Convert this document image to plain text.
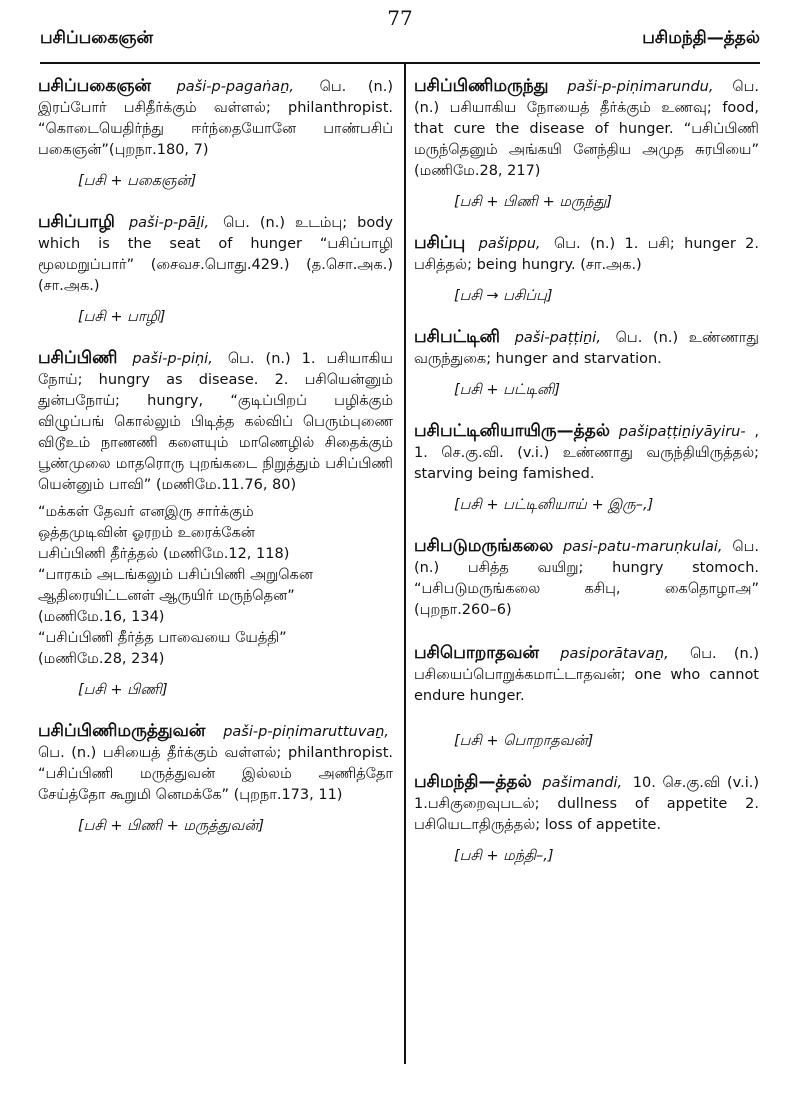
பசிப்பகைஞன்	பசிமந்தி—த்தல்
77

பசிப்பகைஞன் paši-p-pagaṅaṉ, பெ. (n.) இரப்போர் பசிதீர்க்கும் வள்ளல்; philanthropist. “கொடையெதிர்ந்து ஈர்ந்தையோனே பாண்பசிப் பகைஞன்”(புறநா.180, 7)

[பசி + பகைஞன்]

பசிப்பாழி paši-p-pāḻi, பெ. (n.) உடம்பு; body which is the seat of hunger “பசிப்பாழி மூலமறுப்பார்” (சைவச.பொது.429.) (த.சொ.அக.) (சா.அக.)

[பசி + பாழி]

பசிப்பிணி paši-p-piṇi, பெ. (n.) 1. பசியாகிய நோய்; hungry as disease. 2. பசியென்னும் துன்பநோய்; hungry, “குடிப்பிறப் பழிக்கும் விழுப்பங் கொல்லும் பிடித்த கல்விப் பெரும்புணை விடூஉம் நாணணி களையும் மாணெழில் சிதைக்கும் பூண்முலை மாதரொரு புறங்கடை நிறுத்தும் பசிப்பிணி யென்னும் பாவி” (மணிமே.11.76, 80)

“மக்கள் தேவர் எனஇரு சார்க்கும்
ஒத்தமுடிவின் ஓரறம் உரைக்கேன்
பசிப்பிணி தீர்த்தல் (மணிமே.12, 118)
“பாரகம் அடங்கலும் பசிப்பிணி அறுகென
ஆதிரையிட்டனள் ஆருயிர் மருந்தென”
(மணிமே.16, 134)
“பசிப்பிணி தீர்த்த பாவையை யேத்தி”
(மணிமே.28, 234)
[பசி + பிணி]

பசிப்பிணிமருத்துவன் paši-p-piṇimaruttuvaṉ, பெ. (n.) பசியைத் தீர்க்கும் வள்ளல்; philanthropist. “பசிப்பிணி மருத்துவன் இல்லம் அணித்தோ சேய்த்தோ கூறுமி னெமக்கே” (புறநா.173, 11)

[பசி + பிணி + மருத்துவன்]

பசிப்பிணிமருந்து paši-p-piṇimarundu, பெ. (n.) பசியாகிய நோயைத் தீர்க்கும் உணவு; food, that cure the disease of hunger. “பசிப்பிணி மருந்தெனும் அங்கயி னேந்திய அமுத சுரபியை” (மணிமே.28, 217)

[பசி + பிணி + மருந்து]

பசிப்பு pašippu, பெ. (n.) 1. பசி; hunger 2. பசித்தல்; being hungry. (சா.அக.)

[பசி → பசிப்பு]

பசிபட்டினி paši-paṭṭiṉi, பெ. (n.) உண்ணாது வருந்துகை; hunger and starvation.

[பசி + பட்டினி]

பசிபட்டினியாயிரு—த்தல் pašipaṭṭiṉiyāyiru- , 1. செ.கு.வி. (v.i.) உண்ணாது வருந்தியிருத்தல்; starving being famished.

[பசி + பட்டினியாய் + இரு–,]

பசிபடுமருங்கலை pasi-patu-maruṇkulai, பெ. (n.) பசித்த வயிறு; hungry stomoch. “பசிபடுமருங்கலை கசிபு, கைதொழாஅ” (புறநா.260–6)

பசிபொறாதவன் pasiporātavaṉ, பெ. (n.) பசியைப்பொறுக்கமாட்டாதவன்; one who cannot endure hunger.

[பசி + பொறாதவன்]

பசிமந்தி—த்தல் pašimandi, 10. செ.கு.வி (v.i.) 1.பசிகுறைவுபடல்; dullness of appetite 2. பசியெடாதிருத்தல்; loss of appetite.

[பசி + மந்தி–,]
